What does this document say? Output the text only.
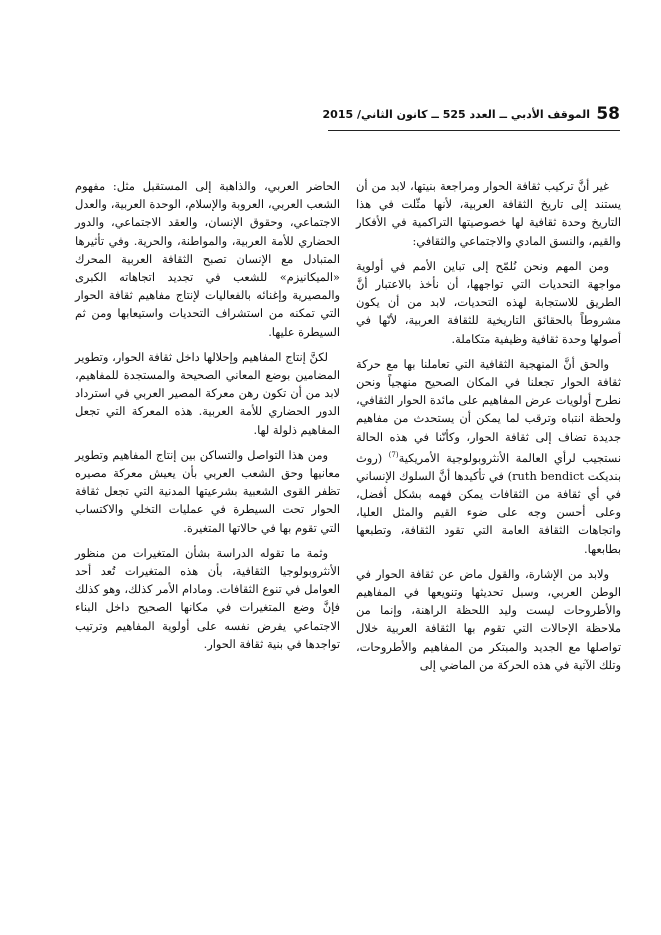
58
الموقف الأدبي ــ العدد 525 ــ كانون الثاني/ 2015

غير أنَّ تركيب ثقافة الحوار ومراجعة بنيتها، لابد من أن يستند إلى تاريخ الثقافة العربية، لأنها مثّلت في هذا التاريخ وحدة ثقافية لها خصوصيتها التراكمية في الأفكار والقيم، والنسق المادي والاجتماعي والثقافي:

ومن المهم ونحن نُلمّح إلى تباين الأمم في أولوية مواجهة التحديات التي تواجهها، أن نأخذ بالاعتبار أنَّ الطريق للاستجابة لهذه التحديات، لابد من أن يكون مشروطاً بالحقائق التاريخية للثقافة العربية، لأنّها في أصولها وحدة ثقافية وظيفية متكاملة.

والحق أنَّ المنهجية الثقافية التي تعاملنا بها مع حركة ثقافة الحوار تجعلنا في المكان الصحيح منهجياً ونحن نطرح أولويات عرض المفاهيم على مائدة الحوار الثقافي، ولحظة انتباه وترقب لما يمكن أن يستحدث من مفاهيم جديدة تضاف إلى ثقافة الحوار، وكأنّنا في هذه الحالة نستجيب لرأي العالمة الأنثروبولوجية الأمريكية$^{(7)}$ (روث بنديكت ruth bendict) في تأكيدها أنَّ السلوك الإنساني في أي ثقافة من الثقافات يمكن فهمه بشكل أفضل، وعلى أحسن وجه على ضوء القيم والمثل العليا، واتجاهات الثقافة العامة التي تقود الثقافة، وتطبعها بطابعها.

ولابد من الإشارة، والقول ماض عن ثقافة الحوار في الوطن العربي، وسبل تحديثها وتنويعها في المفاهيم والأطروحات ليست وليد اللحظة الراهنة، وإنما من ملاحظة الإحالات التي تقوم بها الثقافة العربية خلال تواصلها مع الجديد والمبتكر من المفاهيم والأطروحات، وتلك الآتية في هذه الحركة من الماضي إلى

الحاضر العربي، والذاهبة إلى المستقبل مثل: مفهوم الشعب العربي، العروبة والإسلام، الوحدة العربية، والعدل الاجتماعي، وحقوق الإنسان، والعقد الاجتماعي، والدور الحضاري للأمة العربية، والمواطنة، والحرية. وفي تأثيرها المتبادل مع الإنسان تصبح الثقافة العربية المحرك «الميكانيزم» للشعب في تجديد اتجاهاته الكبرى والمصيرية وإغنائه بالفعاليات لإنتاج مفاهيم ثقافة الحوار التي تمكنه من استشراف التحديات واستيعابها ومن ثم السيطرة عليها.

لكنَّ إنتاج المفاهيم وإحلالها داخل ثقافة الحوار، وتطوير المضامين بوضع المعاني الصحيحة والمستجدة للمفاهيم، لابد من أن تكون رهن معركة المصير العربي في استرداد الدور الحضاري للأمة العربية. هذه المعركة التي تجعل المفاهيم ذلولة لها.

ومن هذا التواصل والتساكن بين إنتاج المفاهيم وتطوير معانيها وحق الشعب العربي بأن يعيش معركة مصيره تظفر القوى الشعبية بشرعيتها المدنية التي تجعل ثقافة الحوار تحت السيطرة في عمليات التخلي والاكتساب التي تقوم بها في حالاتها المتغيرة.

وثمة ما تقوله الدراسة بشأن المتغيرات من منظور الأنثروبولوجيا الثقافية، بأن هذه المتغيرات تُعد أحد العوامل في تنوع الثقافات. ومادام الأمر كذلك، وهو كذلك فإنَّ وضع المتغيرات في مكانها الصحيح داخل البناء الاجتماعي يفرض نفسه على أولوية المفاهيم وترتيب تواجدها في بنية ثقافة الحوار.
